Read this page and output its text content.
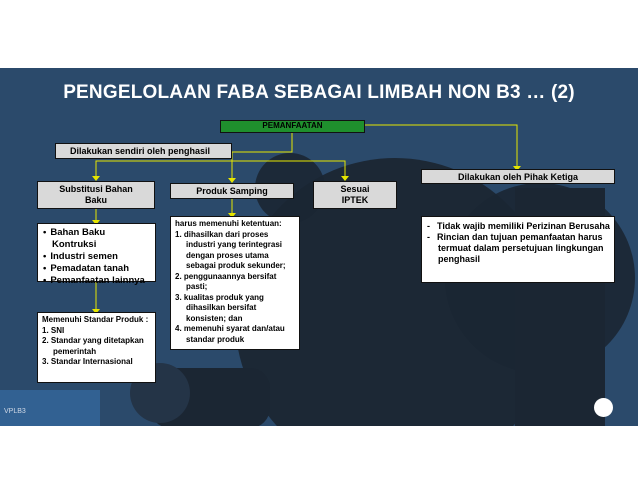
PENGELOLAAN FABA SEBAGAI LIMBAH NON B3 … (2)
VPLB3
PEMANFAATAN
Dilakukan sendiri oleh penghasil
Dilakukan oleh Pihak Ketiga
Substitusi Bahan Baku
Produk Samping	Sesuai IPTEK
• Bahan Baku Kontruksi
• Industri semen
• Pemadatan tanah
• Pemanfaatan lainnya
Memenuhi Standar Produk :
1. SNI
2. Standar yang ditetapkan pemerintah
3. Standar Internasional
harus memenuhi ketentuan:
1. dihasilkan dari proses industri yang terintegrasi dengan proses utama sebagai produk sekunder;
2. penggunaannya bersifat pasti;
3. kualitas produk yang dihasilkan bersifat konsisten; dan
4. memenuhi syarat dan/atau standar produk
- Tidak wajib memiliki Perizinan Berusaha
- Rincian dan tujuan pemanfaatan harus termuat dalam persetujuan lingkungan penghasil
